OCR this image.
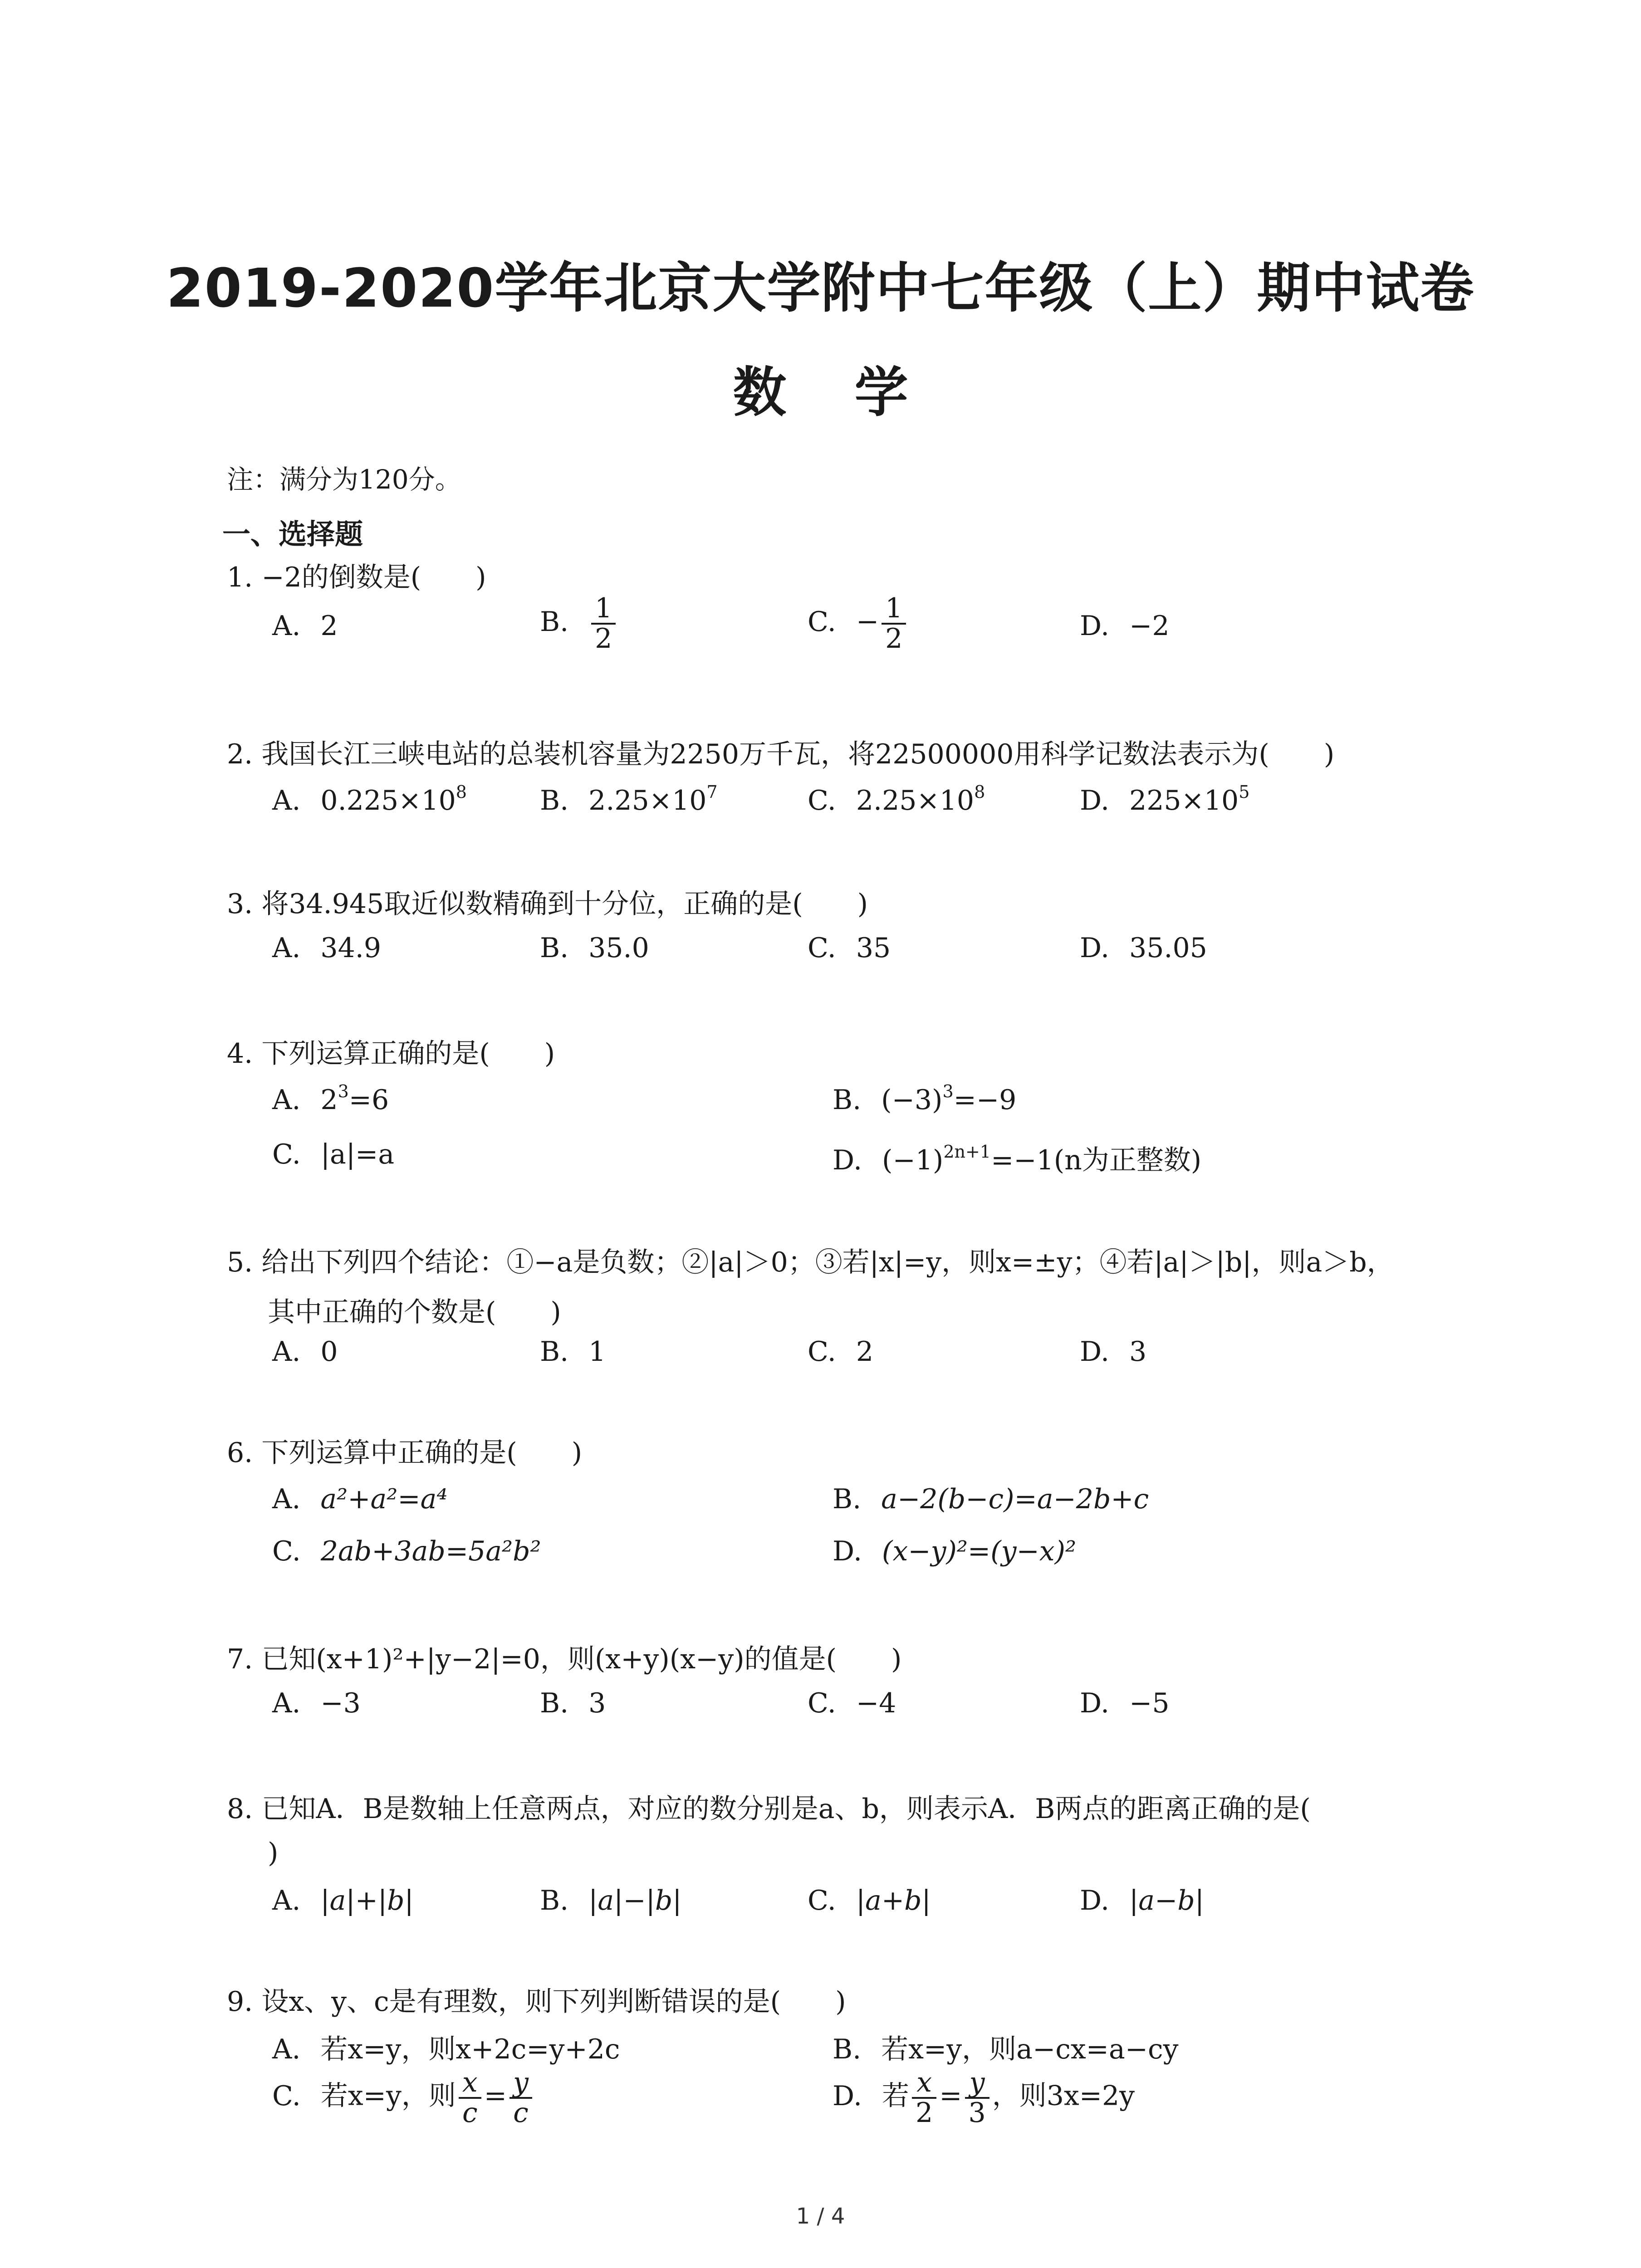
2019-2020学年北京大学附中七年级（上）期中试卷
数学
注：满分为120分。
一、选择题
1. −2的倒数是(　　)
A. 2	B. $\frac{1}{2}$	C. − $\frac{1}{2}$	D. −2
2. 我国长江三峡电站的总装机容量为2250万千瓦，将22500000用科学记数法表示为(　　)
A. $0.225\times 10^8$	B. $2.25\times 10^7$	C. $2.25\times 10^8$	D. $225\times 10^5$
3. 将34.945取近似数精确到十分位，正确的是(　　)
A. 34.9	B. 35.0	C. 35	D. 35.05
4. 下列运算正确的是(　　)
A. $2^3=6$	B. $(-3)^3=-9$
C. |a|=a	D. $(-1)^{2n+1}=-1(n$为正整数)
5. 给出下列四个结论：①−a是负数；②|a|＞0；③若|x|=y，则x=±y；④若|a|＞|b|，则a＞b，
其中正确的个数是(　　)
A. 0	B. 1	C. 2	D. 3
6. 下列运算中正确的是(　　)
A. a²+a²=a⁴	B. a−2(b−c)=a−2b+c
C. 2ab+3ab=5a²b²	D. (x−y)²=(y−x)²
7. 已知(x+1)²+|y−2|=0，则(x+y)(x−y)的值是(　　)
A. −3	B. 3	C. −4	D. −5
8. 已知A．B是数轴上任意两点，对应的数分别是a、b，则表示A．B两点的距离正确的是(
)
A. |a|+|b|	B. |a|−|b|	C. |a+b|	D. |a−b|
9. 设x、y、c是有理数，则下列判断错误的是(　　)
A. 若x=y，则x+2c=y+2c	B. 若x=y，则a−cx=a−cy
C. 若x=y，则 $\frac{x}{c} = \frac{y}{c}$	D. 若 $\frac{x}{2} = \frac{y}{3}$ ，则3x=2y
1 / 4
